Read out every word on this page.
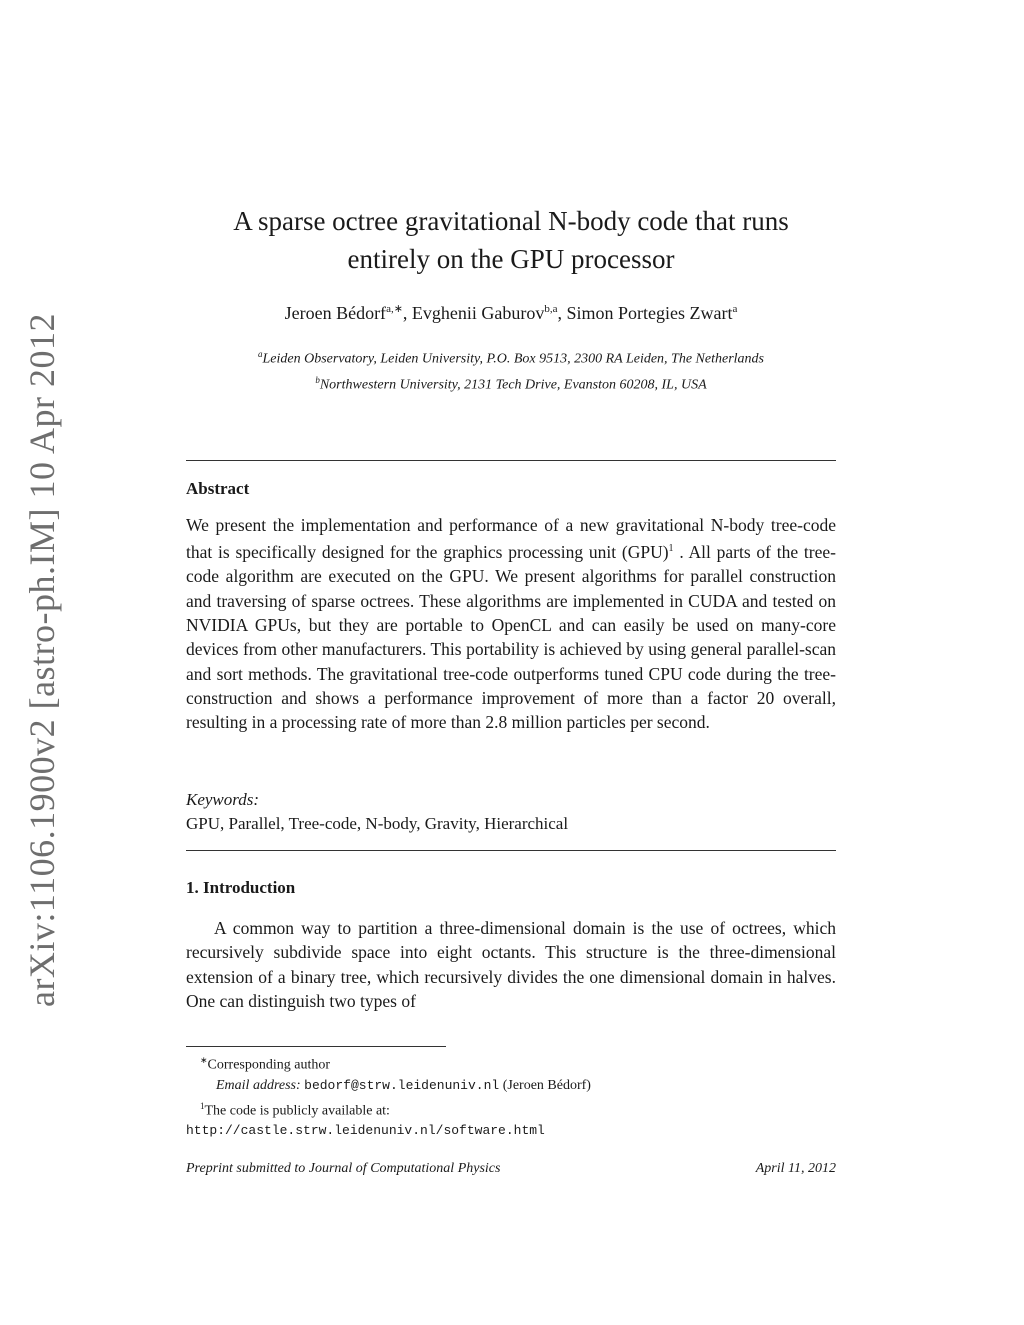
arXiv:1106.1900v2 [astro-ph.IM] 10 Apr 2012
A sparse octree gravitational N-body code that runs
entirely on the GPU processor
Jeroen Bédorf$^{a,∗}$, Evghenii Gaburov$^{b,a}$, Simon Portegies Zwart$^a$
$^a$Leiden Observatory, Leiden University, P.O. Box 9513, 2300 RA Leiden, The Netherlands
$^b$Northwestern University, 2131 Tech Drive, Evanston 60208, IL, USA
Abstract
We present the implementation and performance of a new gravitational N-body tree-code that is specifically designed for the graphics processing unit (GPU)$^1$ . All parts of the tree-code algorithm are executed on the GPU. We present algorithms for parallel construction and traversing of sparse octrees. These algorithms are implemented in CUDA and tested on NVIDIA GPUs, but they are portable to OpenCL and can easily be used on many-core devices from other manufacturers. This portability is achieved by using general parallel-scan and sort methods. The gravitational tree-code outperforms tuned CPU code during the tree-construction and shows a performance improvement of more than a factor 20 overall, resulting in a processing rate of more than 2.8 million particles per second.
Keywords:
GPU, Parallel, Tree-code, N-body, Gravity, Hierarchical
1. Introduction
A common way to partition a three-dimensional domain is the use of octrees, which recursively subdivide space into eight octants. This structure is the three-dimensional extension of a binary tree, which recursively divides the one dimensional domain in halves. One can distinguish two types of
∗Corresponding author
Email address: bedorf@strw.leidenuniv.nl (Jeroen Bédorf)
$^1$The code is publicly available at:
http://castle.strw.leidenuniv.nl/software.html
Preprint submitted to Journal of Computational Physics	April 11, 2012
